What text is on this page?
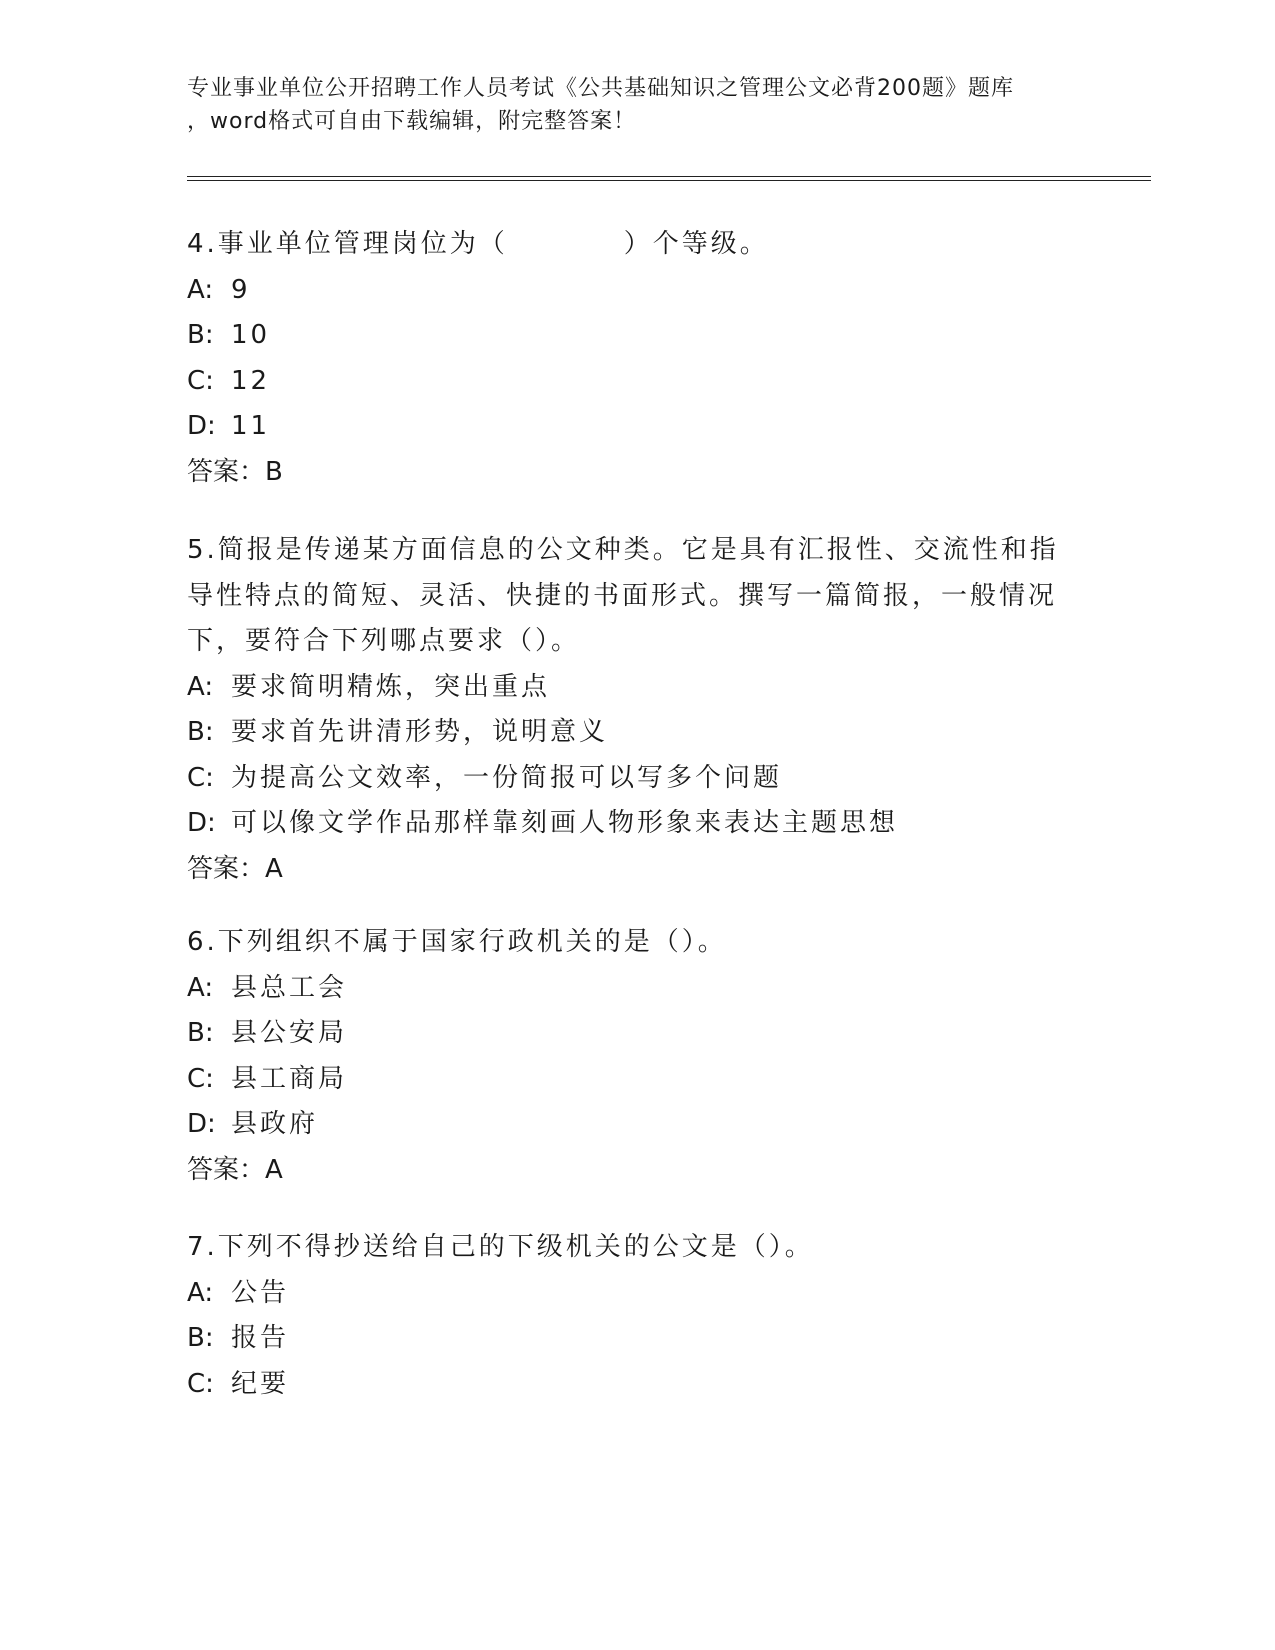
专业事业单位公开招聘工作人员考试《公共基础知识之管理公文必背200题》题库
，word格式可自由下载编辑，附完整答案！
4.事业单位管理岗位为（　　　　）个等级。
A: 9
B: 10
C: 12
D: 11
答案：B
5.简报是传递某方面信息的公文种类。它是具有汇报性、交流性和指
导性特点的简短、灵活、快捷的书面形式。撰写一篇简报，一般情况
下，要符合下列哪点要求（）。
A: 要求简明精炼，突出重点
B: 要求首先讲清形势，说明意义
C: 为提高公文效率，一份简报可以写多个问题
D: 可以像文学作品那样靠刻画人物形象来表达主题思想
答案：A
6.下列组织不属于国家行政机关的是（）。
A: 县总工会
B: 县公安局
C: 县工商局
D: 县政府
答案：A
7.下列不得抄送给自己的下级机关的公文是（）。
A: 公告
B: 报告
C: 纪要
